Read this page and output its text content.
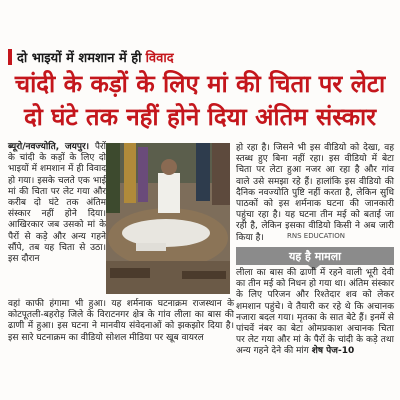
दो भाइयों में शमशान में ही विवाद
चांदी के कड़ों के लिए मां की चिता पर लेटा
दो घंटे तक नहीं होने दिया अंतिम संस्कार
ब्यूरो/नवज्योति, जयपुर। पैरों के चांदी के कड़ों के लिए दो भाइयों में शमशान में ही विवाद हो गया। इसके चलते एक भाई मां की चिता पर लेट गया और करीब दो घंटे तक अंतिम संस्कार नहीं होने दिया। आखिरकार जब उसको मां के पैरों से कड़े और अन्य गहने सौंपे, तब यह चिता से उठा। इस दौरान
हो रहा है। जिसने भी इस वीडियो को देखा, वह स्तब्ध हुए बिना नहीं रहा। इस वीडियो में बेटा चिता पर लेटा हुआ नजर आ रहा है और गांव वाले उसे समझा रहे हैं। हालांकि इस वीडियो की दैनिक नवज्योति पुष्टि नहीं करता है, लेकिन सुधि पाठकों को इस शर्मनाक घटना की जानकारी पहुंचा रहा है। यह घटना तीन मई को बताई जा रही है, लेकिन इसका वीडियो किसी ने अब जारी किया है।	RNS EDUCATION
यह है मामला
लीला का बास की ढाणी में रहने वाली भूरी देवी का तीन मई को निधन हो गया था। अंतिम संस्कार के लिए परिजन और रिश्तेदार शव को लेकर शमशान पहुंचे। वे तैयारी कर रहे थे कि अचानक नजारा बदल गया। मृतका के सात बेटे हैं। इनमें से पांचवें नंबर का बेटा ओमप्रकाश अचानक चिता पर लेट गया और मां के पैरों के चांदी के कड़े तथा अन्य गहने देने की मांग शेष पेज-10
वहां काफी हंगामा भी हुआ। यह शर्मनाक घटनाक्रम राजस्थान के कोटपूतली-बहरोड़ जिले के विराटनगर क्षेत्र के गांव लीला का बास की ढाणी में हुआ। इस घटना ने मानवीय संवेदनाओं को झकझोर दिया है। इस सारे घटनाक्रम का वीडियो सोशल मीडिया पर खूब वायरल
